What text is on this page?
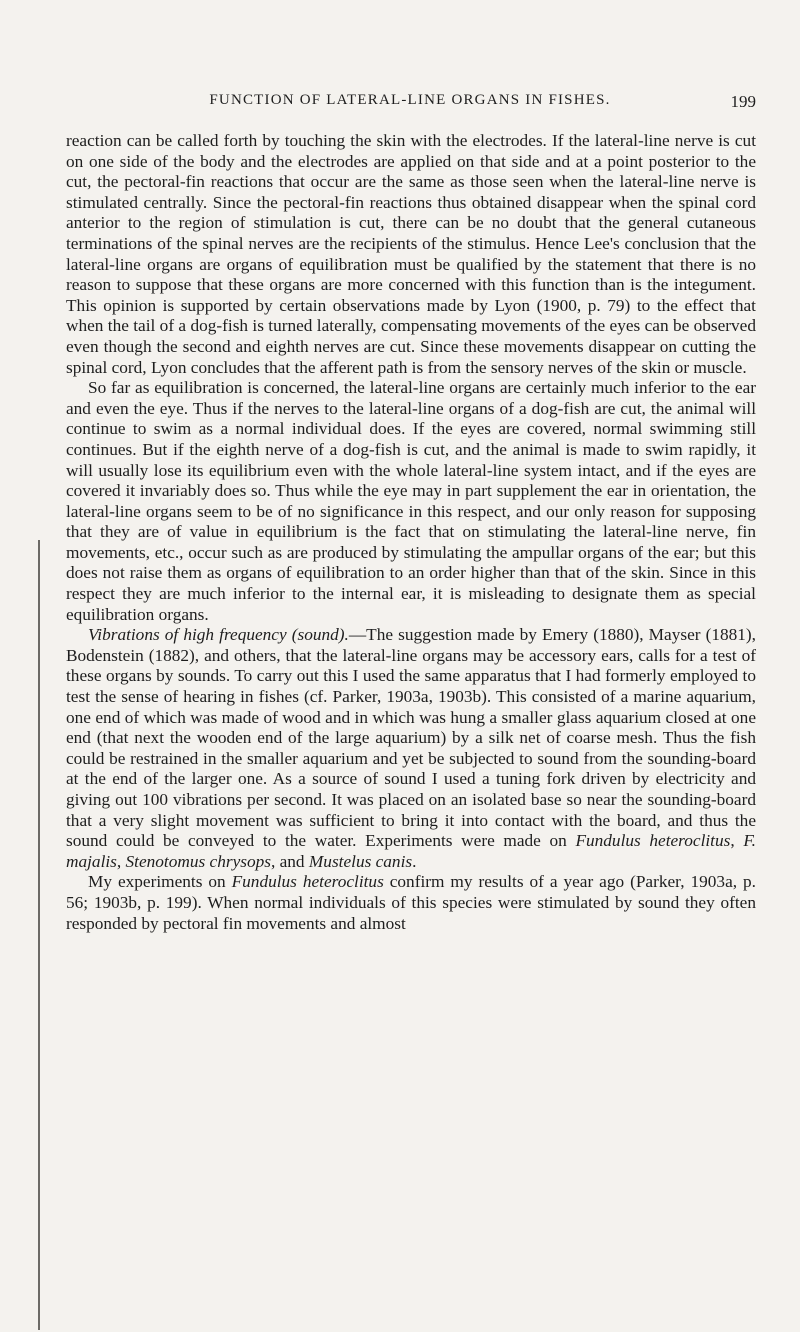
FUNCTION OF LATERAL-LINE ORGANS IN FISHES.	199

reaction can be called forth by touching the skin with the electrodes. If the lateral-line nerve is cut on one side of the body and the electrodes are applied on that side and at a point posterior to the cut, the pectoral-fin reactions that occur are the same as those seen when the lateral-line nerve is stimulated centrally. Since the pectoral-fin reactions thus obtained disappear when the spinal cord anterior to the region of stimulation is cut, there can be no doubt that the general cutaneous terminations of the spinal nerves are the recipients of the stimulus. Hence Lee's conclusion that the lateral-line organs are organs of equilibration must be qualified by the statement that there is no reason to suppose that these organs are more concerned with this function than is the integument. This opinion is supported by certain observations made by Lyon (1900, p. 79) to the effect that when the tail of a dog-fish is turned laterally, compensating movements of the eyes can be observed even though the second and eighth nerves are cut. Since these movements disappear on cutting the spinal cord, Lyon concludes that the afferent path is from the sensory nerves of the skin or muscle.

So far as equilibration is concerned, the lateral-line organs are certainly much inferior to the ear and even the eye. Thus if the nerves to the lateral-line organs of a dog-fish are cut, the animal will continue to swim as a normal individual does. If the eyes are covered, normal swimming still continues. But if the eighth nerve of a dog-fish is cut, and the animal is made to swim rapidly, it will usually lose its equilibrium even with the whole lateral-line system intact, and if the eyes are covered it invariably does so. Thus while the eye may in part supplement the ear in orientation, the lateral-line organs seem to be of no significance in this respect, and our only reason for supposing that they are of value in equilibrium is the fact that on stimulating the lateral-line nerve, fin movements, etc., occur such as are produced by stimulating the ampullar organs of the ear; but this does not raise them as organs of equilibration to an order higher than that of the skin. Since in this respect they are much inferior to the internal ear, it is misleading to designate them as special equilibration organs.

Vibrations of high frequency (sound).—The suggestion made by Emery (1880), Mayser (1881), Bodenstein (1882), and others, that the lateral-line organs may be accessory ears, calls for a test of these organs by sounds. To carry out this I used the same apparatus that I had formerly employed to test the sense of hearing in fishes (cf. Parker, 1903a, 1903b). This consisted of a marine aquarium, one end of which was made of wood and in which was hung a smaller glass aquarium closed at one end (that next the wooden end of the large aquarium) by a silk net of coarse mesh. Thus the fish could be restrained in the smaller aquarium and yet be subjected to sound from the sounding-board at the end of the larger one. As a source of sound I used a tuning fork driven by electricity and giving out 100 vibrations per second. It was placed on an isolated base so near the sounding-board that a very slight movement was sufficient to bring it into contact with the board, and thus the sound could be conveyed to the water. Experiments were made on Fundulus heteroclitus, F. majalis, Stenotomus chrysops, and Mustelus canis.

My experiments on Fundulus heteroclitus confirm my results of a year ago (Parker, 1903a, p. 56; 1903b, p. 199). When normal individuals of this species were stimulated by sound they often responded by pectoral fin movements and almost
